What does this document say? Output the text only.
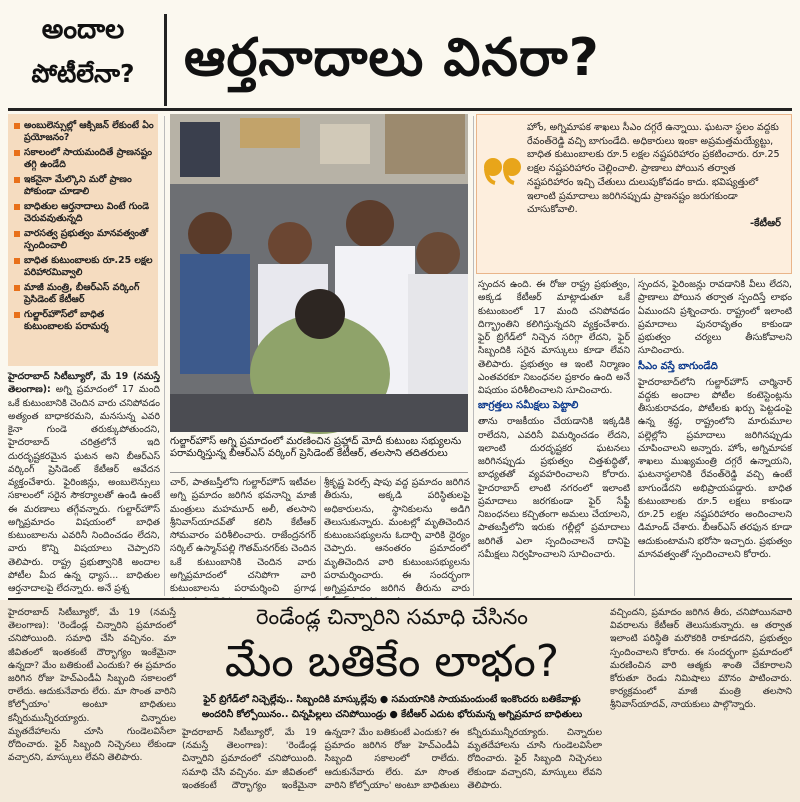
అందాల
పోటీలేనా? ఆర్తనాదాలు వినరా?
అంబులెన్సుల్లో ఆక్సిజన్ లేకుంటే ఏం ప్రయోజనం?
సకాలంలో సాయమందితే ప్రాణనష్టం తగ్గి ఉండేది
ఇకనైనా మేల్కొని మరో ప్రాణం పోకుండా చూడాలి
బాధితుల ఆర్తనాదాలు వింటే గుండె చెరువవుతున్నది
వారసత్వ ప్రభుత్వం మానవత్వంతో స్పందించాలి
బాధిత కుటుంబాలకు రూ.25 లక్షల పరిహారమివ్వాలి
మాజీ మంత్రి, బీఆర్ఎస్ వర్కింగ్ ప్రెసిడెంట్ కేటీఆర్
గుల్జార్‌హౌస్‌లో బాధిత కుటుంబాలకు పరామర్శ
గుల్జార్‌హౌస్ అగ్ని ప్రమాదంలో మరణించిన ప్రహ్లాద్ మోదీ కుటుంబ సభ్యులను పరామర్శిస్తున్న బీఆర్ఎస్ వర్కింగ్ ప్రెసిడెంట్ కేటీఆర్, తలసాని తదితరులు
హోం, అగ్నిమాపక శాఖలు సీఎం దగ్గరే ఉన్నాయి. ఘటనా స్థలం వద్దకు రేవంత్‌రెడ్డి వచ్చి బాగుండేది. అధికారులు ఇంకా అప్రమత్తమయ్యేట్టు, బాధిత కుటుంబాలకు రూ.5 లక్షల నష్టపరిహారం ప్రకటించారు. రూ.25 లక్షల నష్టపరిహారం చెల్లించాలి. ప్రాణాలు పోయిన తర్వాత నష్టపరిహారం ఇచ్చి చేతులు దులుపుకోవడం కాదు. భవిష్యత్తులో ఇలాంటి ప్రమాదాలు జరిగినప్పుడు ప్రాణనష్టం జరుగకుండా చూసుకోవాలి.
-కేటీఆర్

హైదరాబాద్ సిటీబ్యూరో, మే 19 (నమస్తే తెలంగాణ): అగ్ని ప్రమాదంలో 17 మంది ఒకే కుటుంబానికి చెందిన వారు చనిపోవడం అత్యంత బాధాకరమని, మనసున్న ఎవరి కైనా గుండె తరుక్కుపోతుందని, హైదరాబాద్ చరిత్రలోనే ఇది దురదృష్టకరమైన ఘటన అని బీఆర్ఎస్ వర్కింగ్ ప్రెసిడెంట్ కేటీఆర్ ఆవేదన వ్యక్తంచేశారు. ఫైరింజిన్లు, అంబులెన్సులు సకాలంలో సరైన సౌకర్యాలతో ఉండి ఉంటే ఈ మరణాలు తగ్గేవన్నారు. గుల్జార్‌హౌస్ అగ్నిప్రమాదం విషయంలో బాధిత కుటుంబాలను ఎవరినీ నిందించడం లేదని, వారు కొన్ని విషయాలు చెప్పారని తెలిపారు. రాష్ట్ర ప్రభుత్వానికి అందాల పోటీల మీద ఉన్న ధ్యాస... బాధితుల ఆర్తనాదాలపై లేదన్నారు. అనే ప్రశ్న

చార్, పాతబస్తీలోని గుల్జార్‌హౌస్ ఇటీవల అగ్ని ప్రమాదం జరిగిన భవనాన్ని మాజీ మంత్రులు మహమూద్ అలీ, తలసాని శ్రీనివాస్‌యాదవ్‌తో కలిసి కేటీఆర్ సోమవారం పరిశీలించారు. రాజేంద్రనగర్ సర్కిల్ ఉస్మాన్‌పల్లి గౌతమ్‌నగర్‌కు చెందిన ఒకే కుటుంబానికి చెందిన వారు అగ్నిప్రమాదంలో చనిపోగా వారి కుటుంబాలను పరామర్శించి ప్రగాఢ

శ్రీకృష్ణ పెరల్స్ షాపు వద్ద ప్రమాదం జరిగిన తీరును, అక్కడి పరిస్థితులపై అధికారులను, స్థానికులను అడిగి తెలుసుకున్నారు. మంటల్లో మృతిచెందిన కుటుంబసభ్యులను ఓదార్చి వారికి ధైర్యం చెప్పారు. ఆనంతరం ప్రమాదంలో మృతిచెందిన వారి కుటుంబసభ్యులను పరామర్శించారు. ఈ సందర్భంగా అగ్నిప్రమాదం జరిగిన తీరును వారు

స్పందన ఉంది. ఈ రోజు రాష్ట్ర ప్రభుత్వం, అక్కడ కేటీఆర్ మాట్లాడుతూ ఒకే కుటుంబంలో 17 మంది చనిపోవడం దిగ్భ్రాంతిని కలిగిస్తున్నదని వ్యక్తంచేశారు. ఫైర్ బ్రిగేడ్‌లో నిచ్చెన సరిగ్గా లేదని, ఫైర్ సిబ్బందికి సరైన మాస్కులు కూడా లేవని తెలిపారు. ప్రభుత్వం ఆ ఇంటి నిర్మాణం ఎంతవరకూ నిబంధనల ప్రకారం ఉంది అనే విషయం పరిశీలించాలని సూచించారు.

జాగ్రత్తలు సమీక్షలు పెట్టాలి

తాను రాజకీయం చేయడానికి ఇక్కడికి రాలేదని, ఎవరినీ విమర్శించడం లేదని, ఇలాంటి దురదృష్టకర ఘటనలు జరిగినప్పుడు ప్రభుత్వం చిత్తశుద్ధితో, బాధ్యతతో వ్యవహరించాలని కోరారు. హైదరాబాద్ లాంటి నగరంలో ఇలాంటి ప్రమాదాలు జరగకుండా ఫైర్ సేఫ్టీ నిబంధనలు కచ్చితంగా అమలు చేయాలని, పాతబస్తీలోని ఇరుకు గల్లీల్లో ప్రమాదాలు జరిగితే ఎలా స్పందించాలనే దానిపై సమీక్షలు నిర్వహించాలని సూచించారు.

స్పందన, ఫైరింజన్లు రావడానికి వీలు లేదని, ప్రాణాలు పోయిన తర్వాత స్పందిస్తే లాభం ఏముందని ప్రశ్నించారు. రాష్ట్రంలో ఇలాంటి ప్రమాదాలు పునరావృతం కాకుండా ప్రభుత్వం చర్యలు తీసుకోవాలని సూచించారు.

సీఎం వస్తే బాగుండేది

హైదరాబాద్‌లోని గుల్జార్‌హౌస్ చార్మినార్ వద్దకు అందాల పోటీల కంటెస్టెంట్లను తీసుకురావడం, పోటీలకు ఖర్చు పెట్టడంపై ఉన్న శ్రద్ధ, రాష్ట్రంలోని మారుమూల పల్లెల్లోని ప్రమాదాలు జరిగినప్పుడు చూపించాలని అన్నారు. హోం, అగ్నిమాపక శాఖలు ముఖ్యమంత్రి దగ్గరే ఉన్నాయని, ఘటనాస్థలానికి రేవంత్‌రెడ్డి వచ్చి ఉంటే బాగుండేదని అభిప్రాయపడ్డారు. బాధిత కుటుంబాలకు రూ.5 లక్షలు కాకుండా రూ.25 లక్షల నష్టపరిహారం అందించాలని డిమాండ్ చేశారు. బీఆర్ఎస్ తరఫున కూడా ఆదుకుంటామని భరోసా ఇచ్చారు. ప్రభుత్వం మానవత్వంతో స్పందించాలని కోరారు.

రెండేండ్ల చిన్నారిని సమాధి చేసినం
మేం బతికేం లాభం?
ఫైర్ బ్రిగేడ్‌లో నిచ్చెల్లేవు.. సిబ్బందికి మాస్కుల్లేవు ● సమయానికి సాయమందుంటే ఇంకొందరు బతికేవాళ్లు
అందరినీ కోల్పోయినం.. చిన్నపిల్లలు చనిపోయిండ్రు ● కేటీఆర్ ఎదుట భోరుమన్న అగ్నిప్రమాద బాధితులు
హైదరాబాద్ సిటీబ్యూరో, మే 19 (నమస్తే తెలంగాణ): 'రెండేండ్ల చిన్నారిని ప్రమాదంలో చనిపోయింది. సమాధి చేసి వచ్చినం. మా జీవితంలో ఇంతకంటే దౌర్భాగ్యం ఇంకేమైనా ఉన్నదా? మేం బతికుంటే ఎందుకు? ఈ ప్రమాదం జరిగిన రోజు హెచ్‌ఎండీఏ సిబ్బంది సకాలంలో రాలేదు. ఆదుకునేవారు లేరు. మా సొంత వారిని కోల్పోయాం' అంటూ బాధితులు కన్నీరుమున్నీరయ్యారు. చిన్నారుల మృతదేహాలను చూసి గుండెలవిసేలా రోదించారు. ఫైర్ సిబ్బంది నిచ్చెనలు లేకుండా వచ్చారని, మాస్కులు లేవని తెలిపారు.
వచ్చిందని, ప్రమాదం జరిగిన తీరు, చనిపోయినవారి వివరాలను కేటీఆర్ తెలుసుకున్నారు. ఆ తర్వాత ఇలాంటి పరిస్థితి మరొకరికి రాకూడదని, ప్రభుత్వం స్పందించాలని కోరారు. ఈ సందర్భంగా ప్రమాదంలో మరణించిన వారి ఆత్మకు శాంతి చేకూరాలని కోరుతూ రెండు నిమిషాలు మౌనం పాటించారు. కార్యక్రమంలో మాజీ మంత్రి తలసాని శ్రీనివాస్‌యాదవ్, నాయకులు పాల్గొన్నారు.
హైదరాబాద్ సిటీబ్యూరో, మే 19 (నమస్తే తెలంగాణ): 'రెండేండ్ల చిన్నారిని ప్రమాదంలో చనిపోయింది. సమాధి చేసి వచ్చినం. మా జీవితంలో ఇంతకంటే దౌర్భాగ్యం ఇంకేమైనా ఉన్నదా? మేం బతికుంటే ఎందుకు? ఈ ప్రమాదం జరిగిన రోజు హెచ్‌ఎండీఏ సిబ్బంది సకాలంలో రాలేదు. ఆదుకునేవారు లేరు. మా సొంత వారిని కోల్పోయాం' అంటూ బాధితులు కన్నీరుమున్నీరయ్యారు. చిన్నారుల మృతదేహాలను చూసి గుండెలవిసేలా రోదించారు. ఫైర్ సిబ్బంది నిచ్చెనలు లేకుండా వచ్చారని, మాస్కులు లేవని తెలిపారు.
